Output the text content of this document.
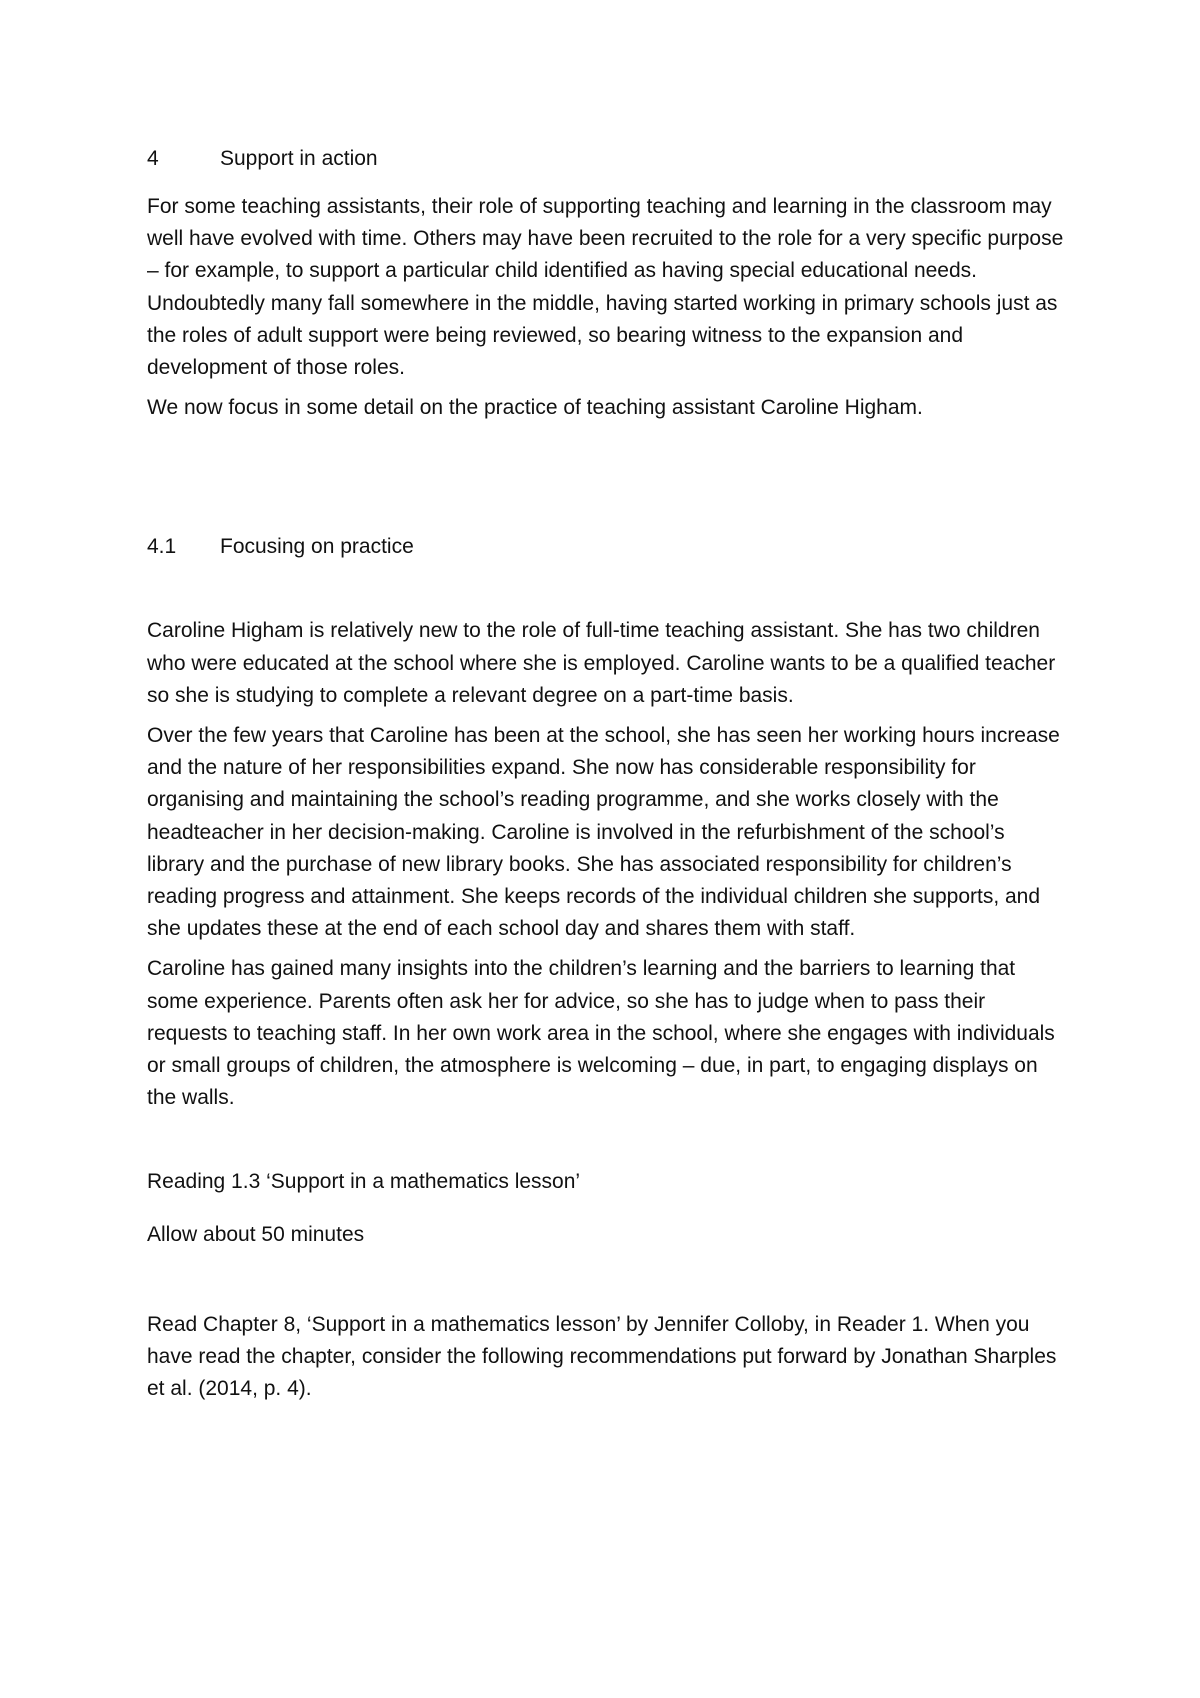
4	Support in action

For some teaching assistants, their role of supporting teaching and learning in the classroom may well have evolved with time. Others may have been recruited to the role for a very specific purpose – for example, to support a particular child identified as having special educational needs. Undoubtedly many fall somewhere in the middle, having started working in primary schools just as the roles of adult support were being reviewed, so bearing witness to the expansion and development of those roles.

We now focus in some detail on the practice of teaching assistant Caroline Higham.

4.1	Focusing on practice

Caroline Higham is relatively new to the role of full-time teaching assistant. She has two children who were educated at the school where she is employed. Caroline wants to be a qualified teacher so she is studying to complete a relevant degree on a part-time basis.

Over the few years that Caroline has been at the school, she has seen her working hours increase and the nature of her responsibilities expand. She now has considerable responsibility for organising and maintaining the school’s reading programme, and she works closely with the headteacher in her decision-making. Caroline is involved in the refurbishment of the school’s library and the purchase of new library books. She has associated responsibility for children’s reading progress and attainment. She keeps records of the individual children she supports, and she updates these at the end of each school day and shares them with staff.

Caroline has gained many insights into the children’s learning and the barriers to learning that some experience. Parents often ask her for advice, so she has to judge when to pass their requests to teaching staff. In her own work area in the school, where she engages with individuals or small groups of children, the atmosphere is welcoming – due, in part, to engaging displays on the walls.

Reading 1.3 ‘Support in a mathematics lesson’

Allow about 50 minutes

Read Chapter 8, ‘Support in a mathematics lesson’ by Jennifer Colloby, in Reader 1. When you have read the chapter, consider the following recommendations put forward by Jonathan Sharples et al. (2014, p. 4).
